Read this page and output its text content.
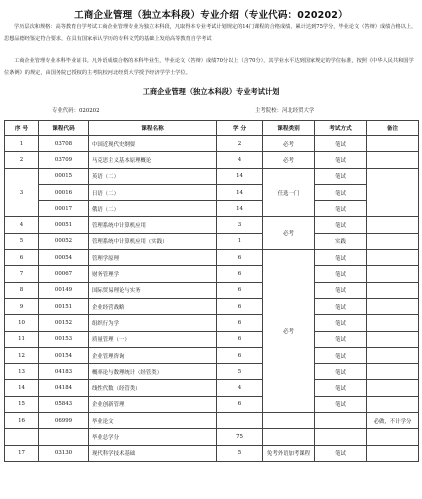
工商企业管理（独立本科段）专业介绍（专业代码：020202）

学历层次和规格：高等教育自学考试工商企业管理专业为独立本科段，凡取得本专业考试计划规定的14门课程的合格成绩，累计达到75学分，毕业论文（答辩）成绩合格以上，思想品德经鉴定符合要求，在具有国家承认学历的专科文凭的基础上发给高等教育自学考试

工商企业管理专业本科毕业证书。凡外语成绩合格的本科毕业生，毕业论文（答辩）成绩70分以上（含70分），其学业水平达到国家规定的学位标准，按照《中华人民共和国学位条例》的规定，由国务院已授权的主考院校河北经贸大学授予经济学学士学位。

工商企业管理（独立本科段）专业考试计划
专业代码：020202	主考院校：河北经贸大学
序 号	课程代码	课程名称	学 分	课程类别	考试方式	备注
1	03708	中国近现代史纲要	2	必考	笔试	
2	03709	马克思主义基本原理概论	4	必考	笔试	
3	00015	英语（二）	14	任选一门	笔试	
	00016	日语（二）	14		笔试	
	00017	俄语（二）	14		笔试	
4	00051	管理系统中计算机应用	3	必考	笔试	
5	00052	管理系统中计算机应用（实践）	1		实践	
6	00054	管理学原理	6	必考	笔试	
7	00067	财务管理学	6		笔试	
8	00149	国际贸易理论与实务	6		笔试	
9	00151	企业经营战略	6		笔试	
10	00152	组织行为学	6		笔试	
11	00153	质量管理（一）	6		笔试	
12	00154	企业管理咨询	6		笔试	
13	04183	概率论与数理统计（经管类）	5		笔试	
14	04184	线性代数（经管类）	4		笔试	
15	05843	企业创新管理	6		笔试	
16	06999	毕业论文				必做，不计学分
		毕业总学分	75			
17	03130	现代科学技术基础	5	免考外语加考课程	笔试	
